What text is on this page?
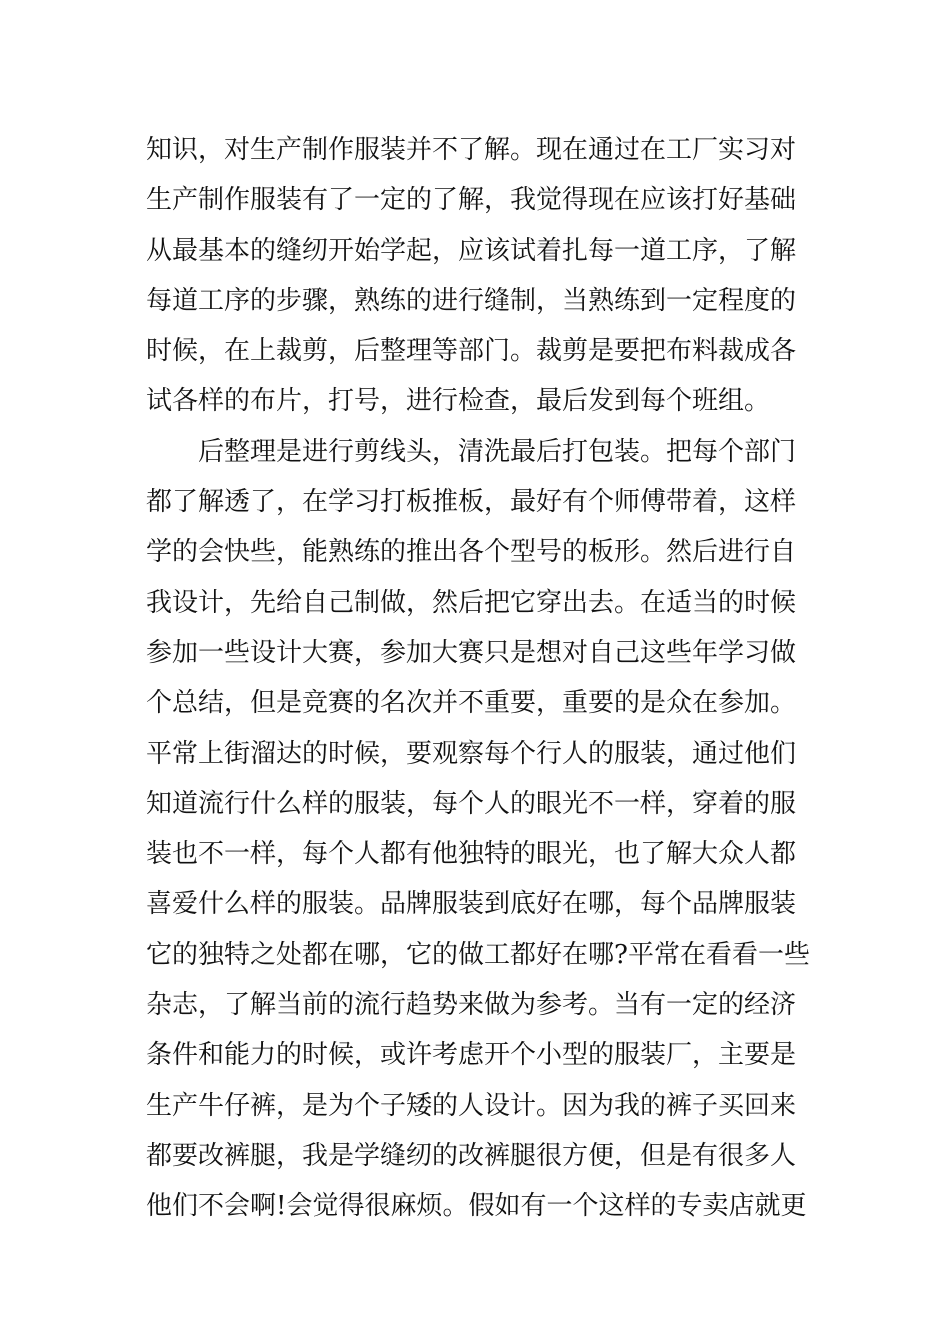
知识，对生产制作服装并不了解。现在通过在工厂实习对
生产制作服装有了一定的了解，我觉得现在应该打好基础
从最基本的缝纫开始学起，应该试着扎每一道工序，了解
每道工序的步骤，熟练的进行缝制，当熟练到一定程度的
时候，在上裁剪，后整理等部门。裁剪是要把布料裁成各
试各样的布片，打号，进行检查，最后发到每个班组。
后整理是进行剪线头，清洗最后打包装。把每个部门
都了解透了，在学习打板推板，最好有个师傅带着，这样
学的会快些，能熟练的推出各个型号的板形。然后进行自
我设计，先给自己制做，然后把它穿出去。在适当的时候
参加一些设计大赛，参加大赛只是想对自己这些年学习做
个总结，但是竞赛的名次并不重要，重要的是众在参加。
平常上街溜达的时候，要观察每个行人的服装，通过他们
知道流行什么样的服装，每个人的眼光不一样，穿着的服
装也不一样，每个人都有他独特的眼光，也了解大众人都
喜爱什么样的服装。品牌服装到底好在哪，每个品牌服装
它的独特之处都在哪，它的做工都好在哪?平常在看看一些
杂志，了解当前的流行趋势来做为参考。当有一定的经济
条件和能力的时候，或许考虑开个小型的服装厂，主要是
生产牛仔裤，是为个子矮的人设计。因为我的裤子买回来
都要改裤腿，我是学缝纫的改裤腿很方便，但是有很多人
他们不会啊!会觉得很麻烦。假如有一个这样的专卖店就更
